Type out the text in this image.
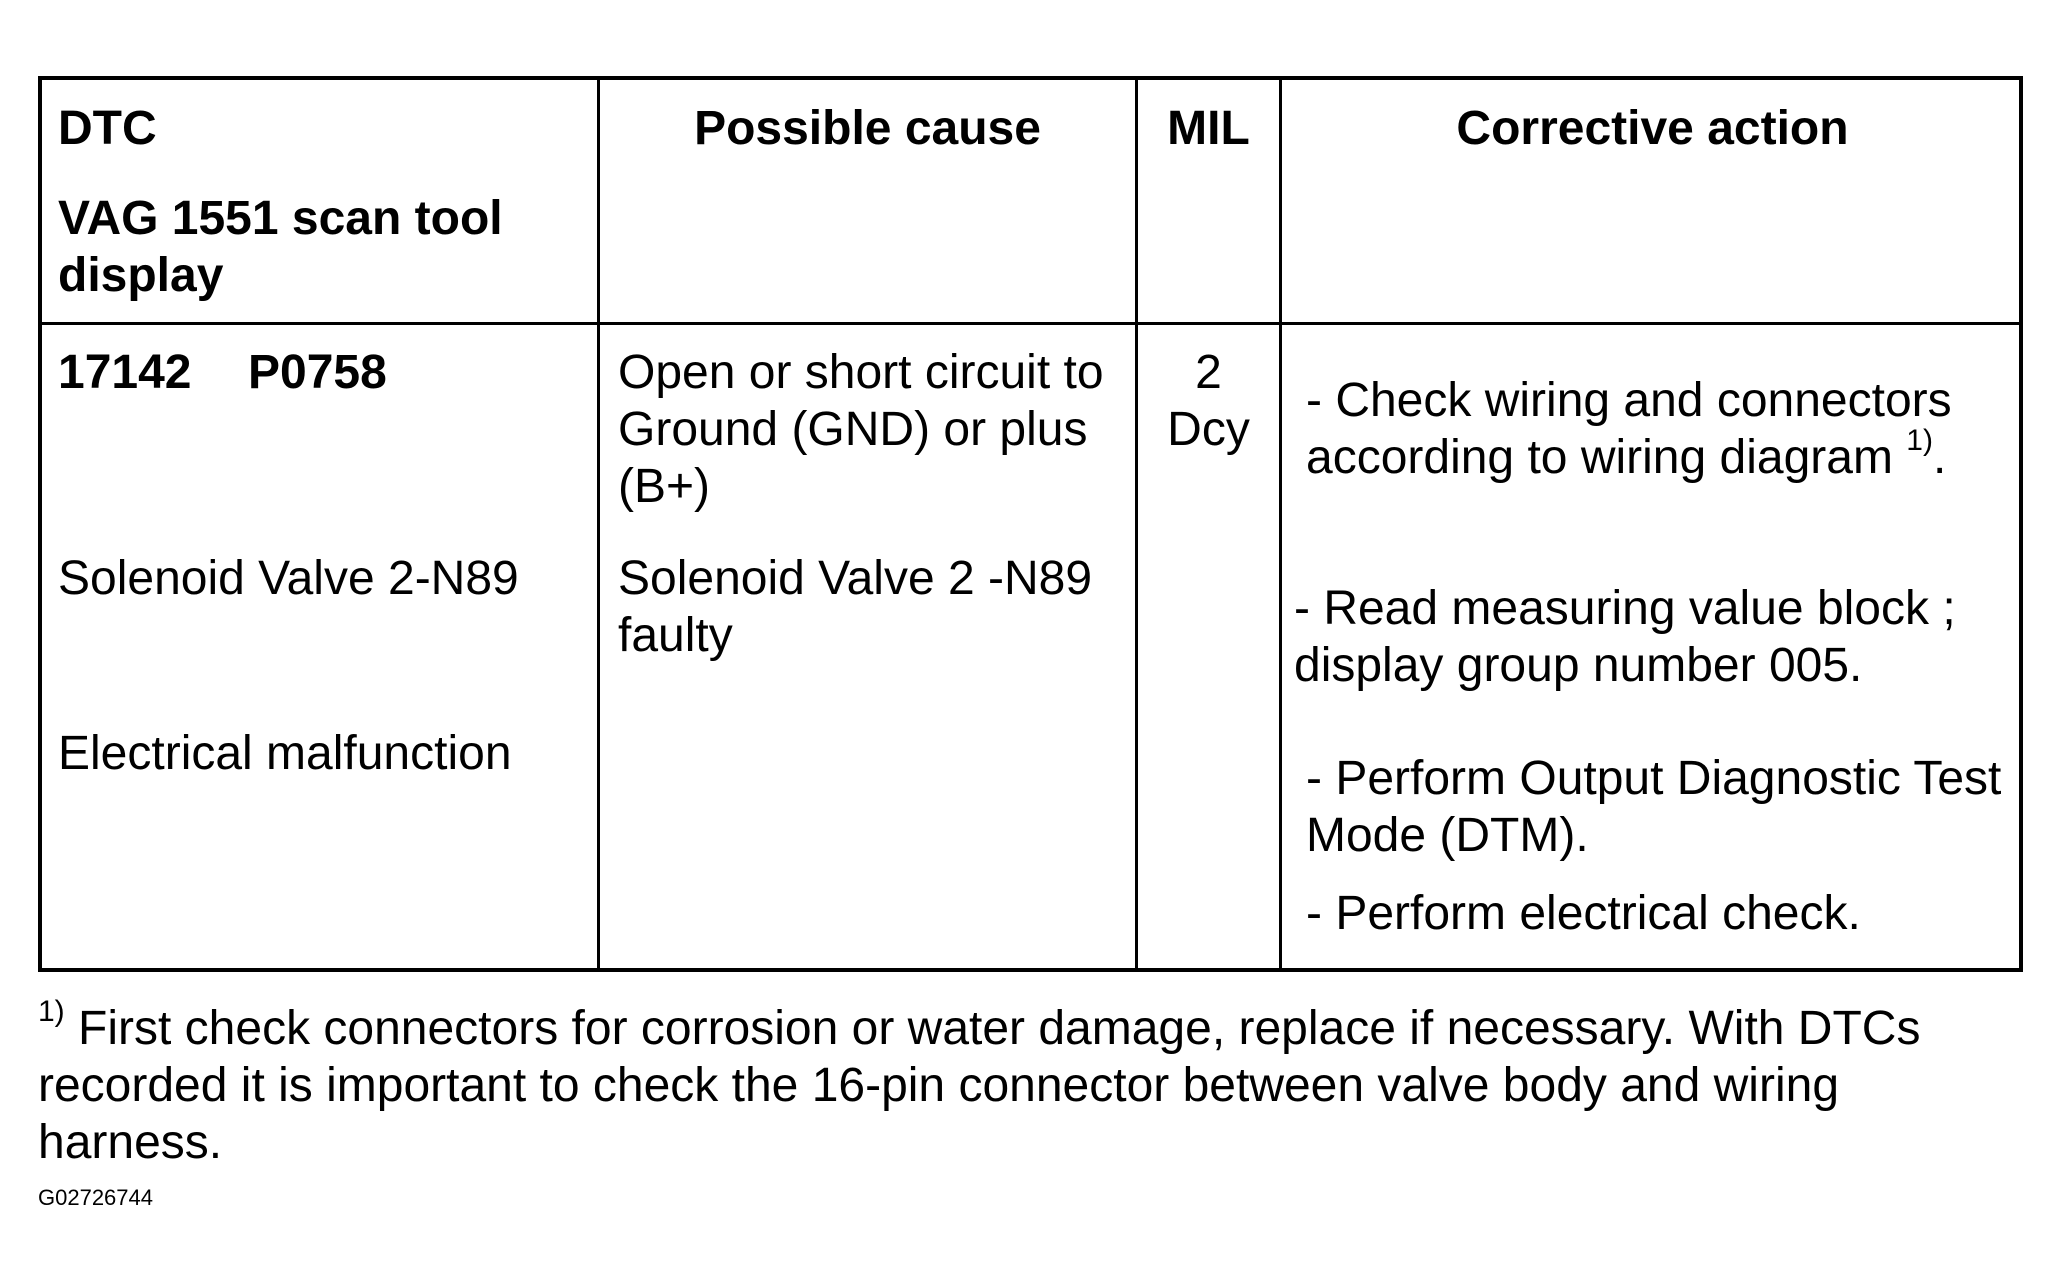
DTC

VAG 1551 scan tool display

Possible cause	MIL	Corrective action

17142 P0758

Solenoid Valve 2-N89

Electrical malfunction

Open or short circuit to Ground (GND) or plus (B+)

Solenoid Valve 2 -N89 faulty

2

Dcy

- Check wiring and connectors according to wiring diagram $^{1)}$.

- Read measuring value block ; display group number 005.

- Perform Output Diagnostic Test Mode (DTM).

- Perform electrical check.

$^{1)}$ First check connectors for corrosion or water damage, replace if necessary. With DTCs
recorded it is important to check the 16-pin connector between valve body and wiring
harness.

G02726744
